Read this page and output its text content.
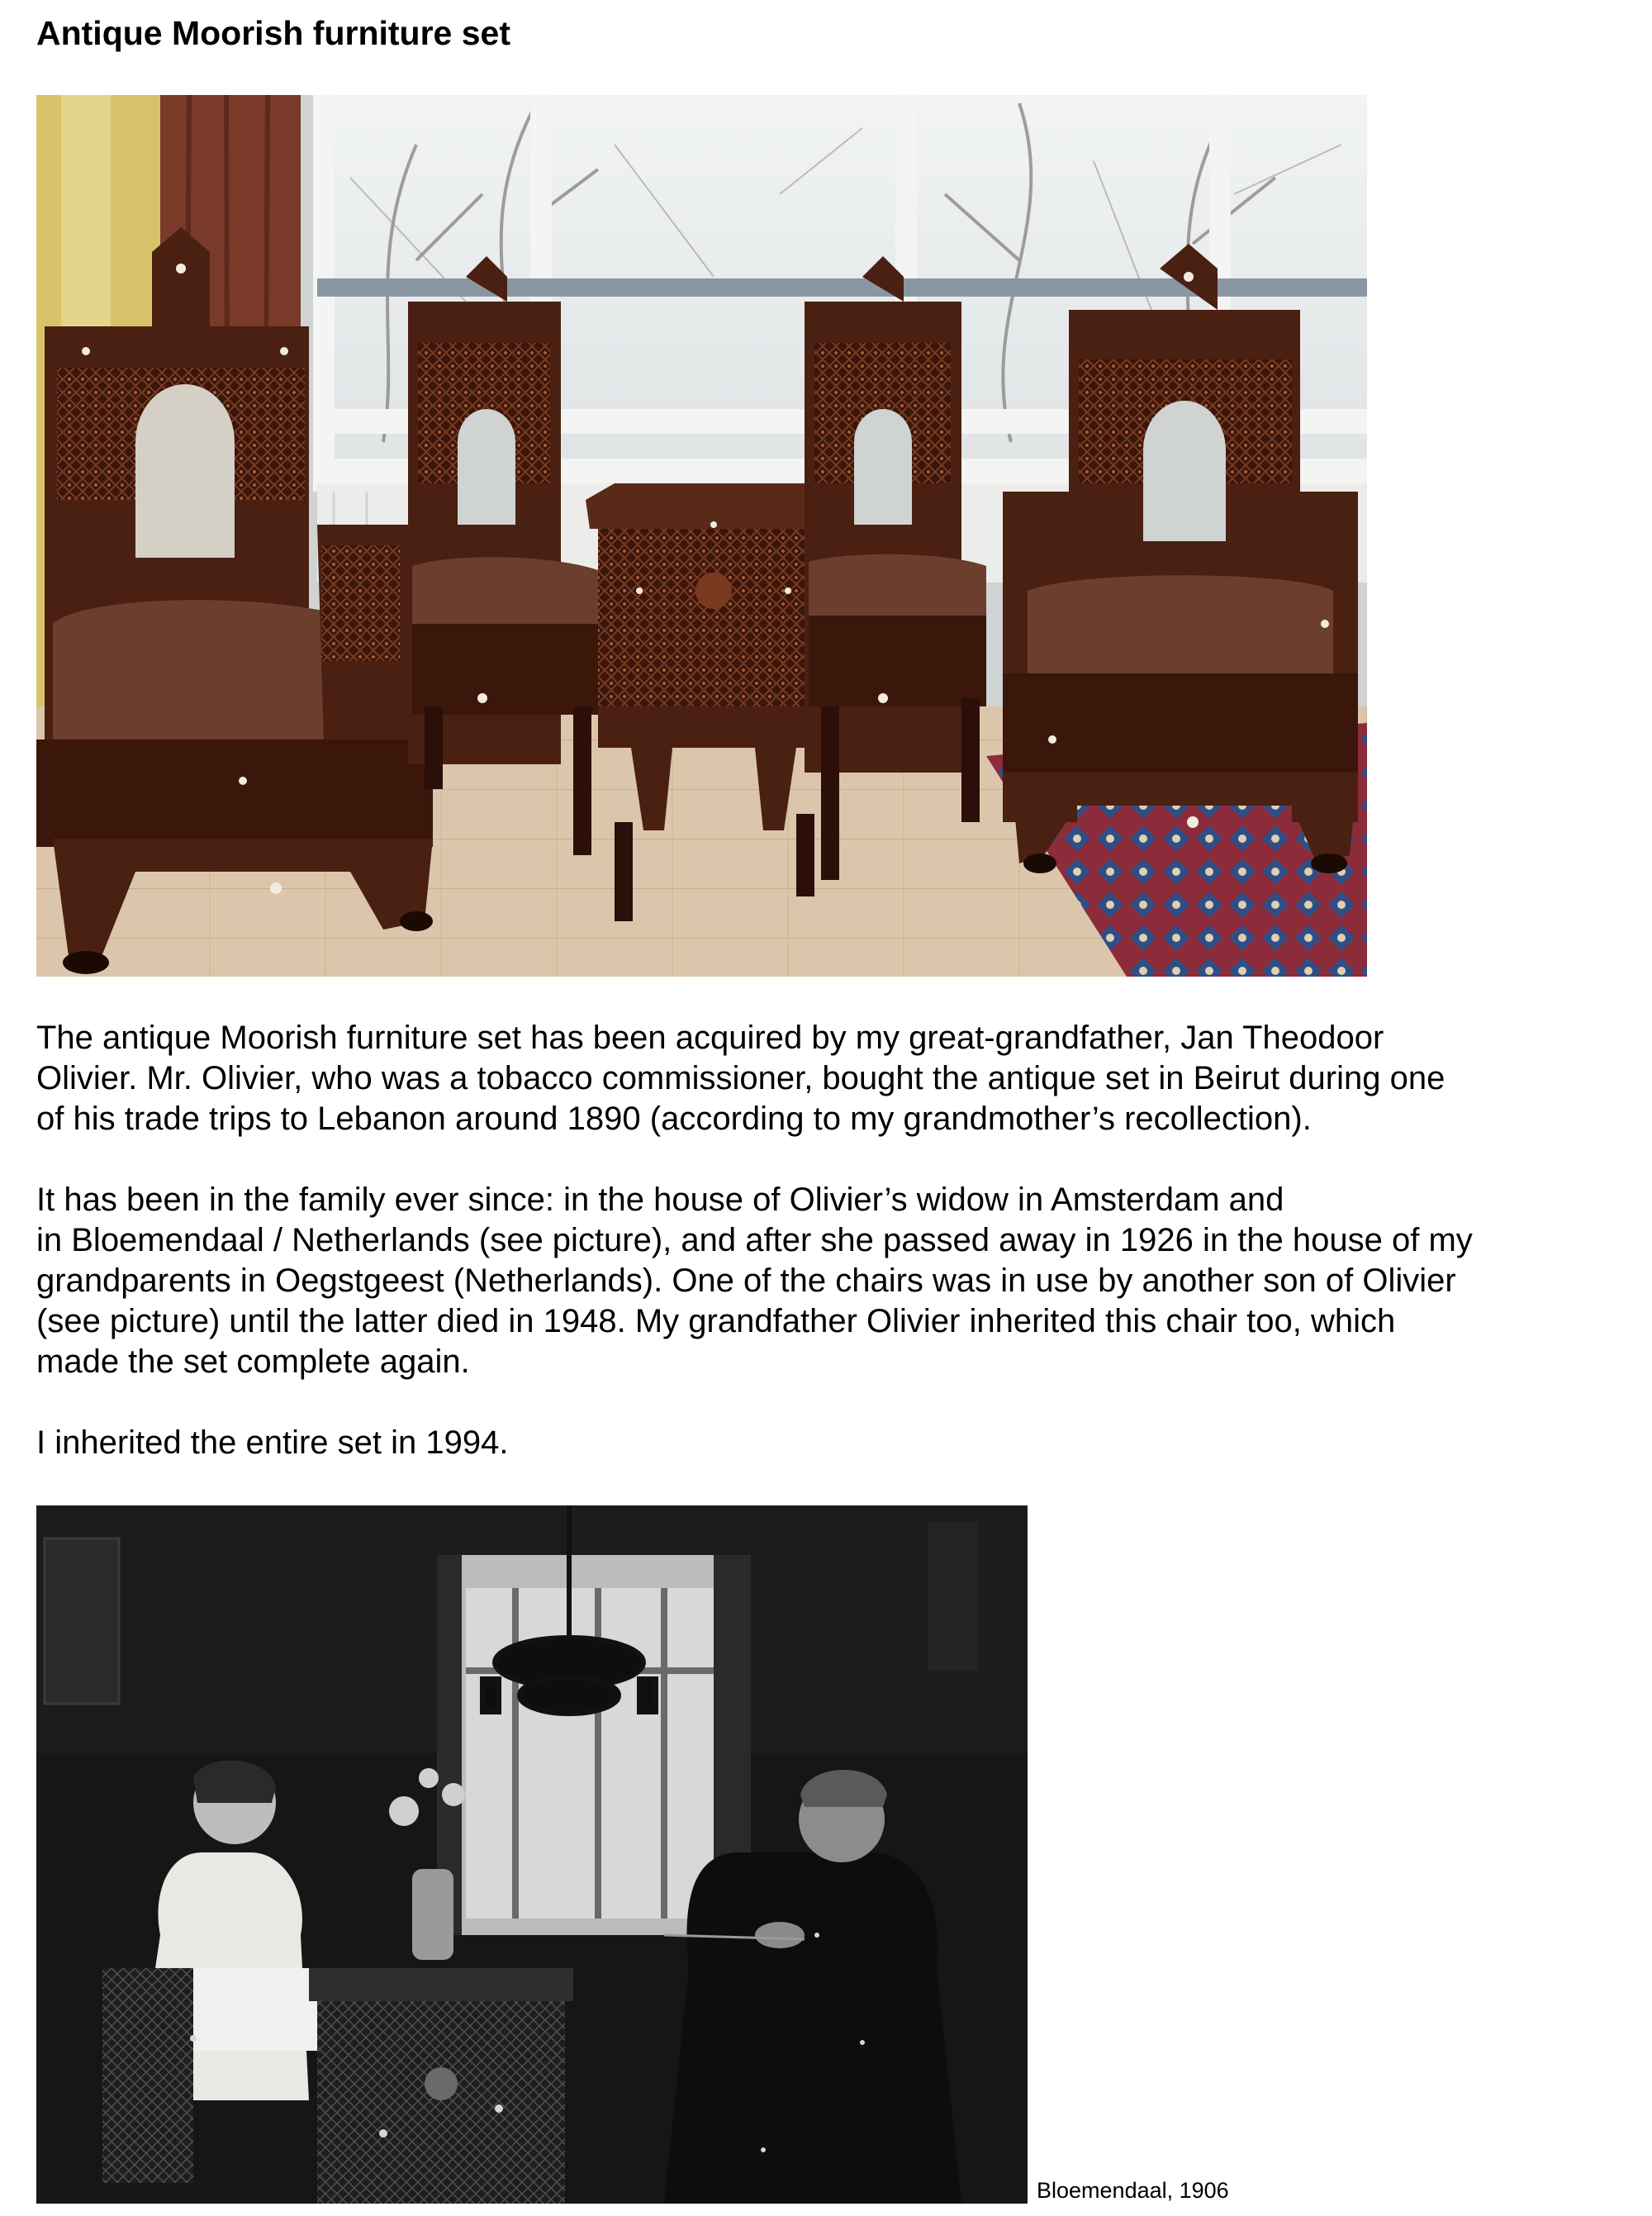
Antique Moorish furniture set

The antique Moorish furniture set has been acquired by my great-grandfather, Jan Theodoor
Olivier. Mr. Olivier, who was a tobacco commissioner, bought the antique set in Beirut during one
of his trade trips to Lebanon around 1890 (according to my grandmother’s recollection).

It has been in the family ever since: in the house of Olivier’s widow in Amsterdam and
in Bloemendaal / Netherlands (see picture), and after she passed away in 1926 in the house of my
grandparents in Oegstgeest (Netherlands). One of the chairs was in use by another son of Olivier
(see picture) until the latter died in 1948. My grandfather Olivier inherited this chair too, which
made the set complete again.

I inherited the entire set in 1994.

Bloemendaal, 1906
